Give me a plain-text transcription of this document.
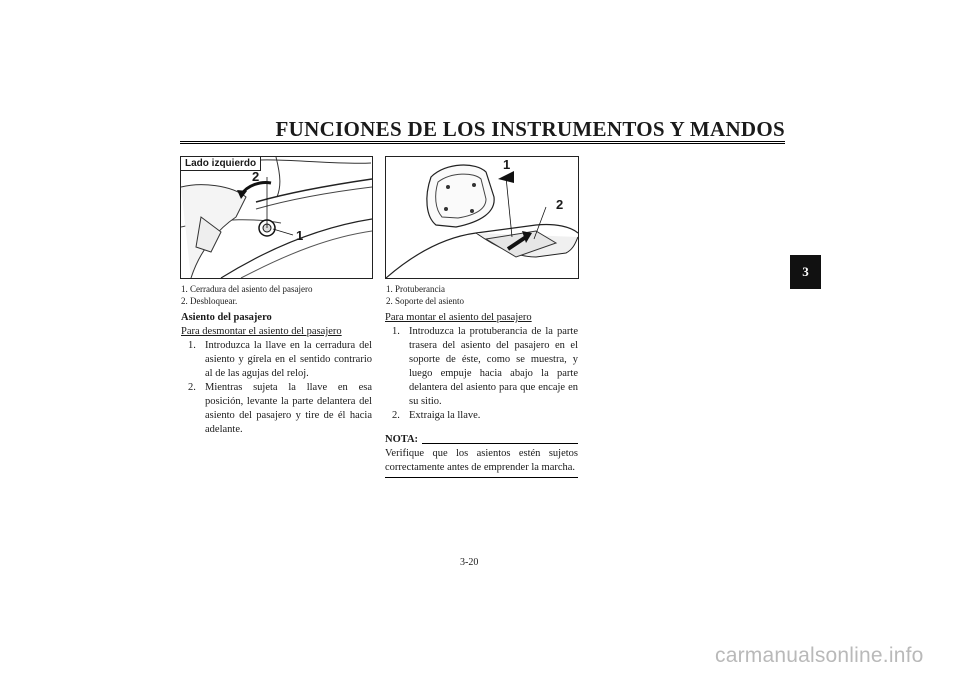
FUNCIONES DE LOS INSTRUMENTOS Y MANDOS
3
Lado izquierdo
2
1
1. Cerradura del asiento del pasajero
2. Desbloquear.
1
2
1. Protuberancia
2. Soporte del asiento
Asiento del pasajero
Para desmontar el asiento del pasajero
1. Introduzca la llave en la cerradura del asiento y gírela en el sentido contrario al de las agujas del reloj.
2. Mientras sujeta la llave en esa posición, levante la parte delantera del asiento del pasajero y tire de él hacia adelante.
Para montar el asiento del pasajero
1. Introduzca la protuberancia de la parte trasera del asiento del pasajero en el soporte de éste, como se muestra, y luego empuje hacia abajo la parte delantera del asiento para que encaje en su sitio.
2. Extraiga la llave.
NOTA:
Verifique que los asientos estén sujetos correctamente antes de emprender la marcha.
3-20
carmanualsonline.info
